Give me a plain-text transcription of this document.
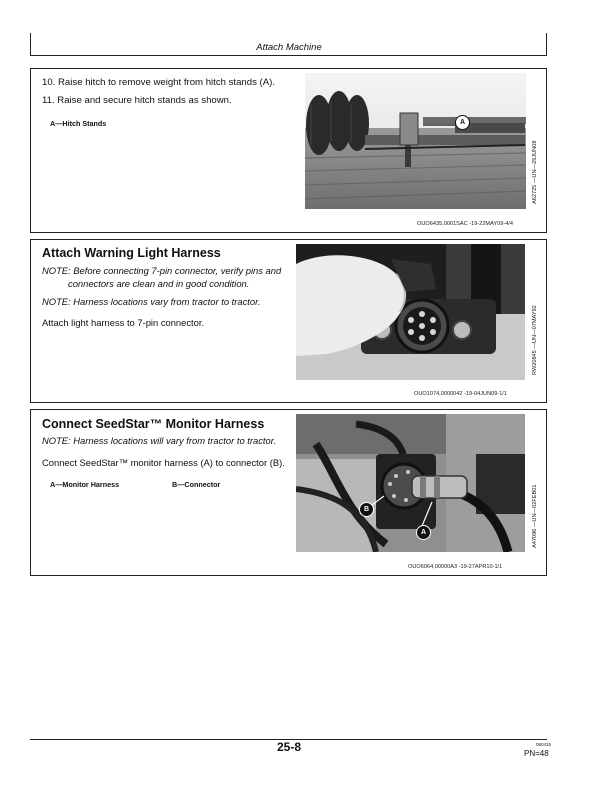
Attach Machine
10. Raise hitch to remove weight from hitch stands (A).
11. Raise and secure hitch stands as shown.
A—Hitch Stands	A
A62725 —UN—25JUN08
OUO6435,0001SAC -19-22MAY09-4/4
Attach Warning Light Harness
NOTE: Before connecting 7-pin connector, verify pins and
connectors are clean and in good condition.
NOTE: Harness locations vary from tractor to tractor.
Attach light harness to 7-pin connector.	RW20845 —UN—07MAY92
OUO1074,0000042 -19-04JUN09-1/1
Connect SeedStar™ Monitor Harness
NOTE: Harness locations will vary from tractor to tractor.
Connect SeedStar™ monitor harness (A) to connector (B).
A—Monitor Harness	B—Connector
B
A	A47096 —UN—02FEB01
OUO6064,00000A3 -19-27APR10-1/1
25-8	060415
PN=48
